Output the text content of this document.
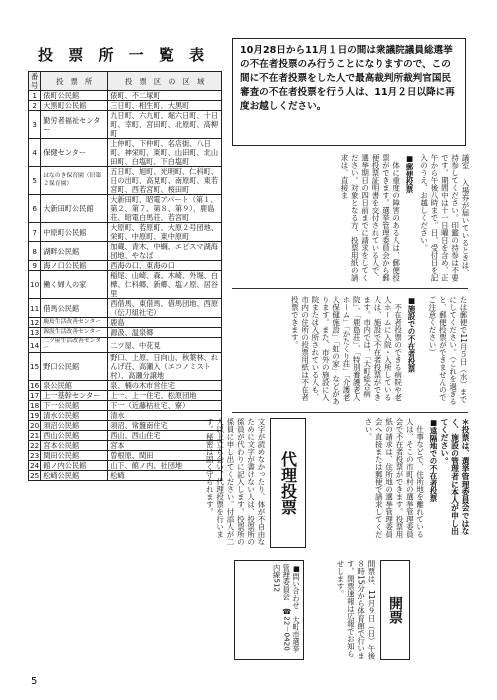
投 票 所 一 覧 表
番号	投　票　所	投　票　区　の　区　域
1	俵町公民館	俵町、不二塚町
2	大黒町公民館	三日町、相生町、大黒町
3	勤労者福祉センター	九日町、六九町、堀六日町、十日町、幸町、宮田町、北原町、高柳町
4	保健センター	上仲町、下仲町、名店街、八日町、神栄町、東町、山田町、北山田町、白塩町、下白塩町
5	はなのき保育園（旧第２保育園）	五日町、旭町、光明町、仁科町、日の出町、高見町、南原町、東若宮町、西若宮町、桜田町
6	大新田町公民館	大新田町、昭電アパート（第１、第２、第７、第８、第９）、鹿島荘、昭電白馬荘、若宮町
7	中原町公民館	大原町、若原町、大原２号団地、栄町、中原町、東中原町
8	湖畔公民館	加蔵、青木、中綱、エビスマ湖海団地、やなば
9	海ノ口公民館	西海の口、東海の口
10	働く婦人の家	稲尾、山崎、森、木崎、外堀、白樺、仁科郷、新郷、塩ノ原、居谷里
11	借馬公民館	西借馬、東借馬、借馬団地、西原（伝刀組社宅）
12	鹿島生活改善センター	鹿島
13	源汲生活改善センター	源汲、温泉郷
14	二ツ屋生活改善センター	二ツ屋、中花見
15	野口公民館	野口、上原、日向山、秋葉林、れんげ荘、高瀬入（エコノミスト村）、高瀬分譲地
16	泉公民館	泉、楠の木市営住宅
17	上一基幹センター	上一、上一住宅、松原団地
18	下一公民館	下一（近藤枯社宅、寮）
19	清水公民館	清水
20	須沼公民館	須沼、常盤南住宅
21	西山公民館	西山、西山住宅
22	宮本公民館	宮本
23	閏田公民館	曽根原、閏田
24	館ノ内公民館	山下、館ノ内、社団地
25	松崎公民館	松崎
5
10月28日から11月１日の間は衆議院議員総選挙の不在者投票のみ行うことになりますので、この間に不在者投票をした人で最高裁判所裁判官国民審査の不在者投票を行う人は、11月２日以降に再度お越しください。

議室 　入場券が届いているときは、持参してください。印鑑の持参は不要です。期間中は十一日曜日を含め、正午から午後八時まで。日、受付日を記入のうえ、お越しください。

■郵便投票

　体に重度の障害のある人は、郵便投票ができます。選挙管理委員会から郵便投票証明書を交付されている人で、選挙期日の四日前までに請求をしてください。対象となる方、投票用紙の請求は、直接ま

たは郵便で11月５日（水）までにしてください。（これを過ぎると、郵便投票ができませんのでご注意ください）

■施設での不在者投票

　不在者投票のできる病院や老人ホームに入院・入所している人は、施設で不在者投票ができます。市内では、「大町総合病院」、「鹿島荘」、「特別養護老人ホーム」「かたくり荘」「介護老人保健施設」「虹の家」などがあります。また、市外の施設に入院または入所されている人も、市内の住所の投票用紙は不在者投票できます。

＊投票は、選挙管理委員会ではなく、施設の管理者に本人が申し出てください。

■遠隔地での不在者投票

　仕事などで、住所地を離れている人は、そこの市町村の選挙管理委員会で不在者投票ができます。投票用紙の請求は、住所地の選挙管理委員会へ直接または郵便で請求してください。

代理投票

文字が読めなかったり、体が不自由なために文字が書けない人は、投票所の係員が代わりに記入します。投票所の係員に申し出てください。付添人が二人以上立ち会い、代理投票を行います。秘密は固く守られます。

開票

開票は、11月９日（日）午後８時15分から体育館で行います。開票速報は広報でお知らせします。

■問い合わせ　大町市選挙管理委員会　☎22－0420　内線512
